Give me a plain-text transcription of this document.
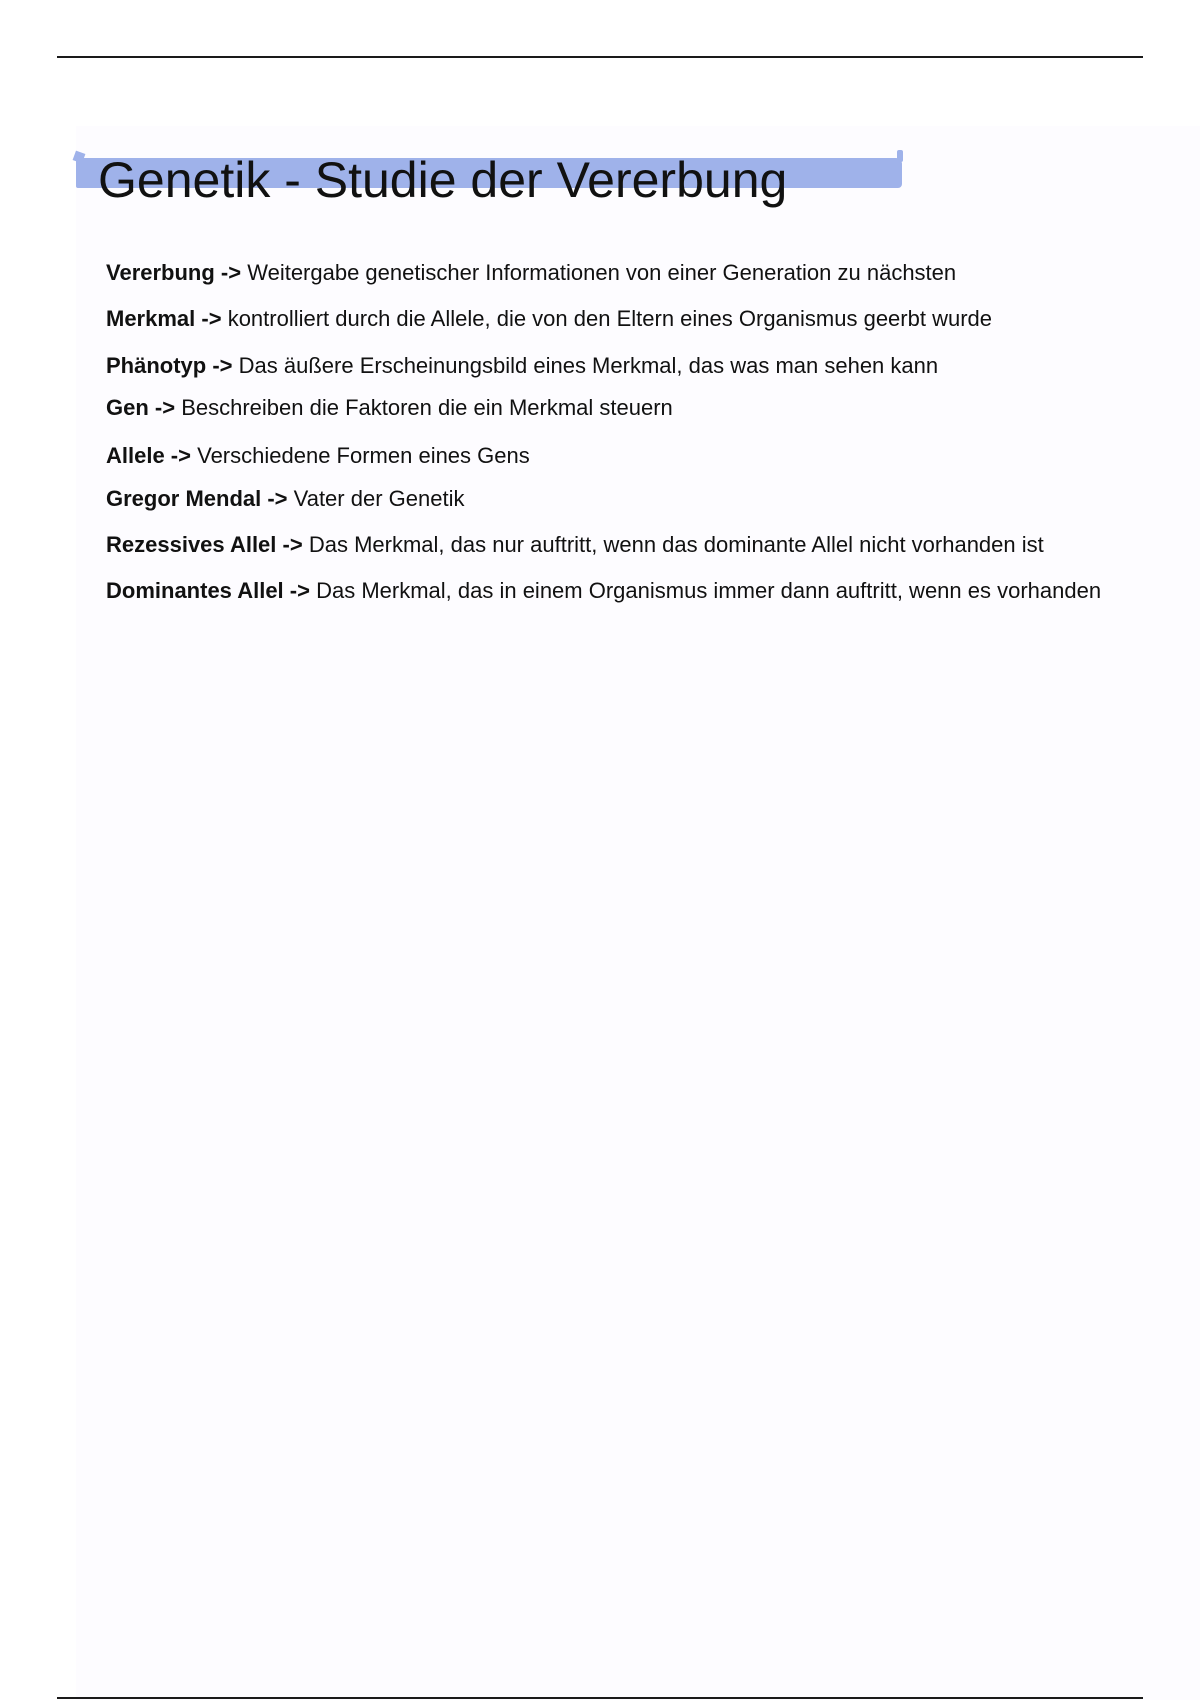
Genetik - Studie der Vererbung
Vererbung -> Weitergabe genetischer Informationen von einer Generation zu nächsten
Merkmal -> kontrolliert durch die Allele, die von den Eltern eines Organismus geerbt wurde
Phänotyp -> Das äußere Erscheinungsbild eines Merkmal, das was man sehen kann
Gen -> Beschreiben die Faktoren die ein Merkmal steuern
Allele -> Verschiedene Formen eines Gens
Gregor Mendal -> Vater der Genetik
Rezessives Allel -> Das Merkmal, das nur auftritt, wenn das dominante Allel nicht vorhanden ist
Dominantes Allel -> Das Merkmal, das in einem Organismus immer dann auftritt, wenn es vorhanden
